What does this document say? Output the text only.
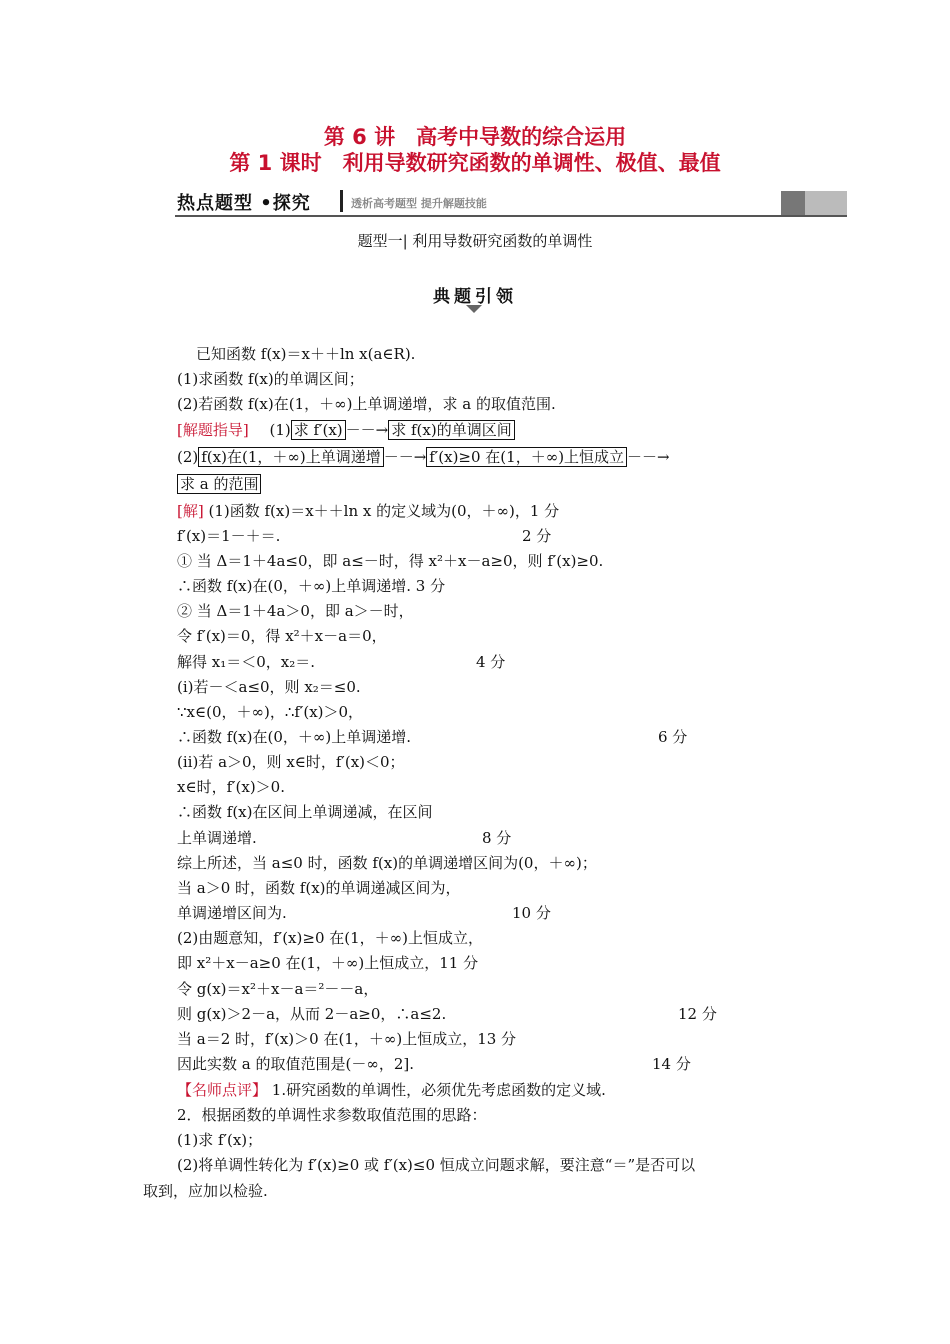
第 6 讲　高考中导数的综合运用
第 1 课时　利用导数研究函数的单调性、极值、最值
热点题型 •探究	透析高考题型 提升解题技能
题型一| 利用导数研究函数的单调性
典题引领
已知函数 f(x)＝x＋＋ln x(a∈R).
(1)求函数 f(x)的单调区间；
(2)若函数 f(x)在(1，＋∞)上单调递增，求 a 的取值范围.
[解题指导] (1) 求 f′(x) －－→ 求 f(x)的单调区间
(2) f(x)在(1，＋∞)上单调递增 －－→ f′(x)≥0 在(1，＋∞)上恒成立 －－→
求 a 的范围
[解] (1)函数 f(x)＝x＋＋ln x 的定义域为(0，＋∞)，1 分
f′(x)＝1－＋＝.	2 分
① 当 Δ＝1＋4a≤0，即 a≤－时，得 x²＋x－a≥0，则 f′(x)≥0.
∴函数 f(x)在(0，＋∞)上单调递增. 3 分
② 当 Δ＝1＋4a＞0，即 a＞－时，
令 f′(x)＝0，得 x²＋x－a＝0，
解得 x₁＝＜0，x₂＝.	4 分
(ⅰ)若－＜a≤0，则 x₂＝≤0.
∵x∈(0，＋∞)，∴f′(x)＞0，
∴函数 f(x)在(0，＋∞)上单调递增.	6 分
(ⅱ)若 a＞0，则 x∈时，f′(x)＜0；
x∈时，f′(x)＞0.
∴函数 f(x)在区间上单调递减，在区间
上单调递增.	8 分
综上所述，当 a≤0 时，函数 f(x)的单调递增区间为(0，＋∞)；
当 a＞0 时，函数 f(x)的单调递减区间为，
单调递增区间为.	10 分
(2)由题意知，f′(x)≥0 在(1，＋∞)上恒成立，
即 x²＋x－a≥0 在(1，＋∞)上恒成立，11 分
令 g(x)＝x²＋x－a＝²－－a，
则 g(x)＞2－a，从而 2－a≥0，∴a≤2.	12 分
当 a＝2 时，f′(x)＞0 在(1，＋∞)上恒成立，13 分
因此实数 a 的取值范围是(－∞，2].	14 分
【名师点评】 1.研究函数的单调性，必须优先考虑函数的定义域.
2．根据函数的单调性求参数取值范围的思路：
(1)求 f′(x)；
(2)将单调性转化为 f′(x)≥0 或 f′(x)≤0 恒成立问题求解，要注意“＝”是否可以
取到，应加以检验.
